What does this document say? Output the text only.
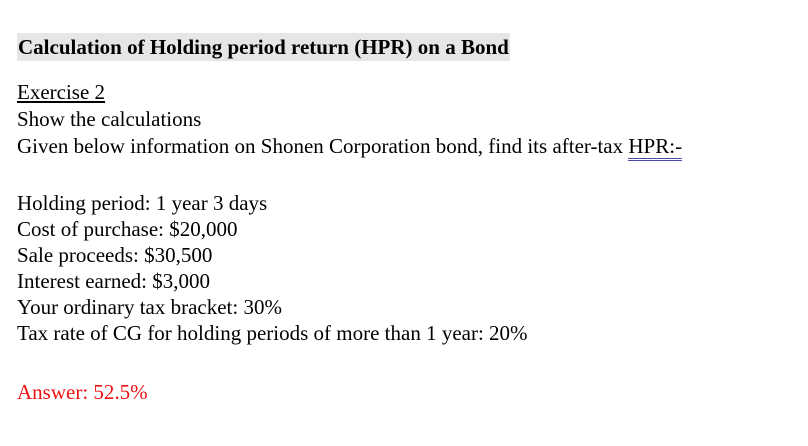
Calculation of Holding period return (HPR) on a Bond
Exercise 2
Show the calculations
Given below information on Shonen Corporation bond, find its after-tax HPR:-
Holding period: 1 year 3 days
Cost of purchase: $20,000
Sale proceeds: $30,500
Interest earned: $3,000
Your ordinary tax bracket: 30%
Tax rate of CG for holding periods of more than 1 year: 20%
Answer: 52.5%
